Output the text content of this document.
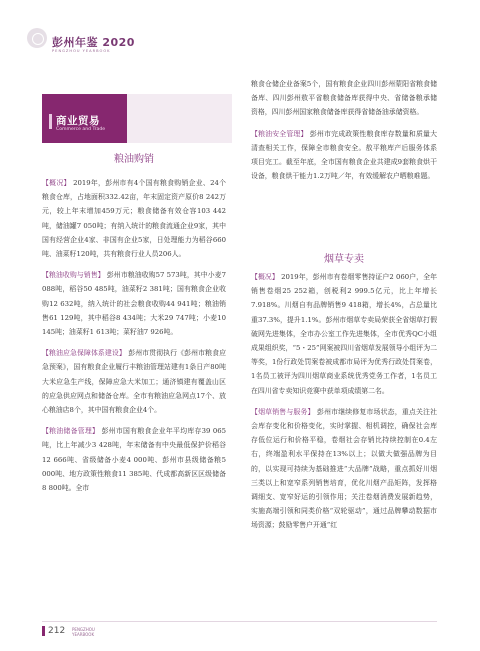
彭州年鉴 2020
PENGZHOU YEARBOOK
商业贸易
Commerce and Trade
粮油购销

【概况】 2019年，彭州市有4个国有粮食购销企业、24个粮食仓库，占地面积332.42亩，年末固定资产原价8 242万元，较上年末增加459万元；粮食储备有效仓容103 442吨，储油罐7 050吨；有纳入统计的粮食流通企业9家，其中国有经营企业4家、非国有企业5家，日处理能力为稻谷660吨、油菜籽120吨，共有粮食行业人员206人。

【粮油收购与销售】 彭州市粮油收购57 573吨，其中小麦7 088吨，稻谷50 485吨，油菜籽2 381吨；国有粮食企业收购12 632吨，纳入统计的社会粮食收购44 941吨；粮油销售61 129吨，其中稻谷8 434吨；大米29 747吨；小麦10 145吨；油菜籽1 613吨；菜籽油7 926吨。

【粮油应急保障体系建设】 彭州市贯彻执行《彭州市粮食应急预案》，国有粮食企业履行丰粮油管理站建有1条日产80吨大米应急生产线，保障应急大米加工；通济镇建有覆盖山区的应急供应网点和储备仓库。全市有粮油应急网点17个、放心粮油店8个，其中国有粮食企业4个。

【粮油储备管理】 彭州市国有粮食企业年平均库存39 065吨，比上年减少3 428吨，年末储备有中央最低保护价稻谷12 666吨、省级储备小麦4 000吨、彭州市县级储备粮5 000吨、地方政策性粮食11 385吨、代成都高新区区级储备8 800吨。全市

粮食仓储企业备案5个，国有粮食企业四川彭州蒙阳省粮食储备库、四川彭州敖平省粮食储备库获得中央、省储备粮承储资格，四川彭州国家粮食储备库获得省储备油承储资格。

【粮油安全管理】 彭州市完成政策性粮食库存数量和质量大清查相关工作，保障全市粮食安全。敖平粮库产后服务体系项目完工。截至年底，全市国有粮食企业共建成9套粮食烘干设备，粮食烘干能力1.2万吨／年，有效缓解农户晒粮难题。

烟草专卖

【概况】 2019年，彭州市有卷烟零售持证户2 060户，全年销售卷烟25 252箱，创税利2 999.5亿元，比上年增长7.918%。川烟自有品牌销售9 418箱，增长4%，占总量比重37.3%，提升1.1%。彭州市烟草专卖局荣获全省烟草打假破网先进集体，全市办公室工作先进集体，全市优秀QC小组成果组织奖，“5・25”网案被四川省烟草发展领导小组评为二等奖，1份行政处罚案卷被成都市局评为优秀行政处罚案卷，1名员工被评为四川烟草商业系统优秀党务工作者，1名员工在四川省专卖知识竞赛中获单项成绩第二名。

【烟草销售与服务】 彭州市继续修复市场状态，重点关注社会库存变化和价格变化，实时掌握、相机调控，确保社会库存低位运行和价格平稳，卷烟社会存销比持续控制在0.4左右，终端盈利水平保持在13%以上；以做大做强品牌为目的，以实现可持续为基础推进“大品牌”战略，重点抓好川烟三类以上和宽窄系列销售培育，优化川烟产品矩阵，发挥格调细支、宽窄好运的引领作用；关注卷烟消费发展新趋势，实施高端引领和同类价格“双轮驱动”，通过品牌攀动数据市场资源；鼓励零售户开通“红

212 PENGZHOU
YEARBOOK
